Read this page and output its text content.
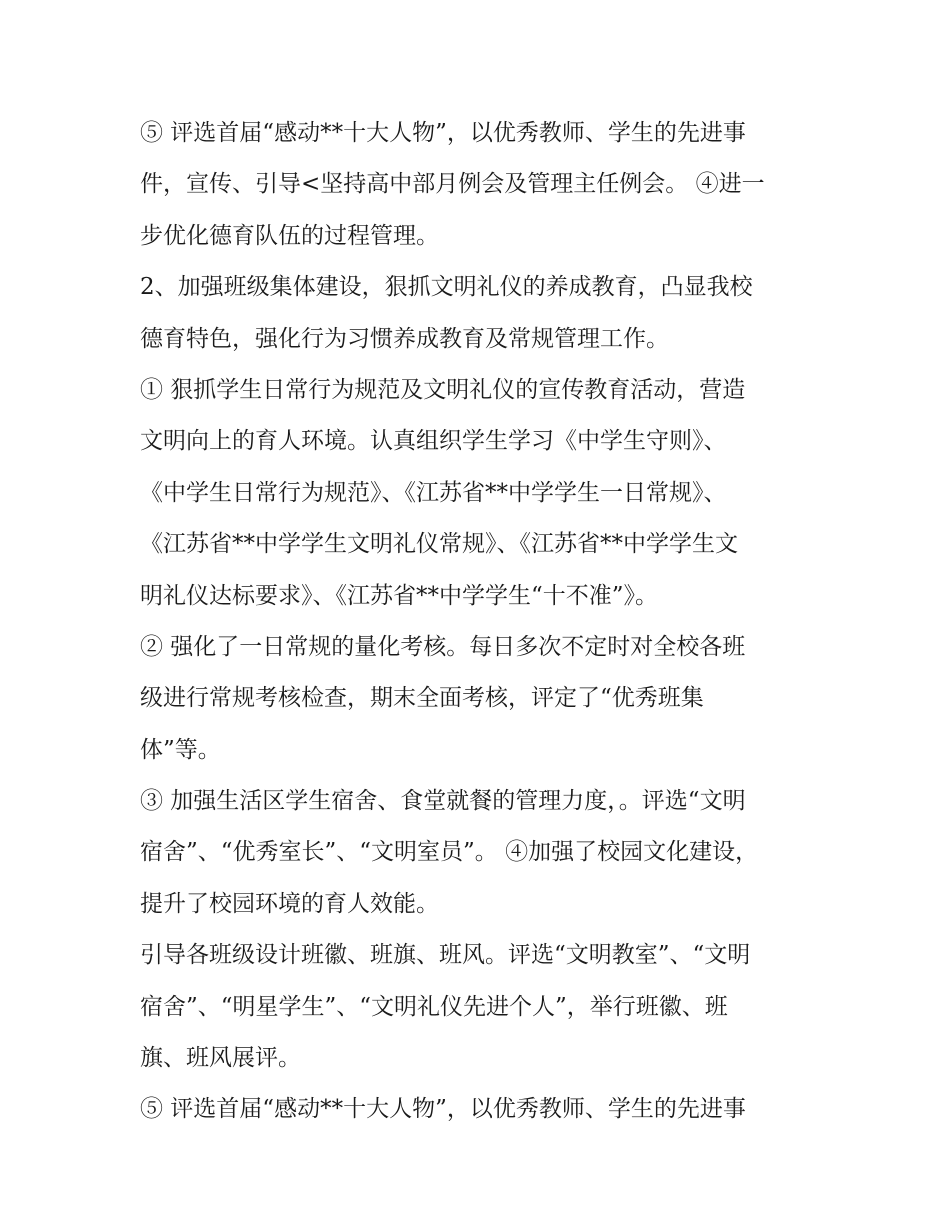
⑤ 评选首届“感动**十大人物”，以优秀教师、学生的先进事
件，宣传、引导<坚持高中部月例会及管理主任例会。 ④进一
步优化德育队伍的过程管理。
2、加强班级集体建设，狠抓文明礼仪的养成教育，凸显我校
德育特色，强化行为习惯养成教育及常规管理工作。
① 狠抓学生日常行为规范及文明礼仪的宣传教育活动，营造
文明向上的育人环境。认真组织学生学习《中学生守则》、
《中学生日常行为规范》、《江苏省**中学学生一日常规》、
《江苏省**中学学生文明礼仪常规》、《江苏省**中学学生文
明礼仪达标要求》、《江苏省**中学学生“十不准”》。
② 强化了一日常规的量化考核。每日多次不定时对全校各班
级进行常规考核检查，期末全面考核，评定了“优秀班集
体”等。
③ 加强生活区学生宿舍、食堂就餐的管理力度，。评选“文明
宿舍”、“优秀室长”、“文明室员”。 ④加强了校园文化建设，
提升了校园环境的育人效能。
引导各班级设计班徽、班旗、班风。评选“文明教室”、“文明
宿舍”、“明星学生”、“文明礼仪先进个人”，举行班徽、班
旗、班风展评。
⑤ 评选首届“感动**十大人物”，以优秀教师、学生的先进事
